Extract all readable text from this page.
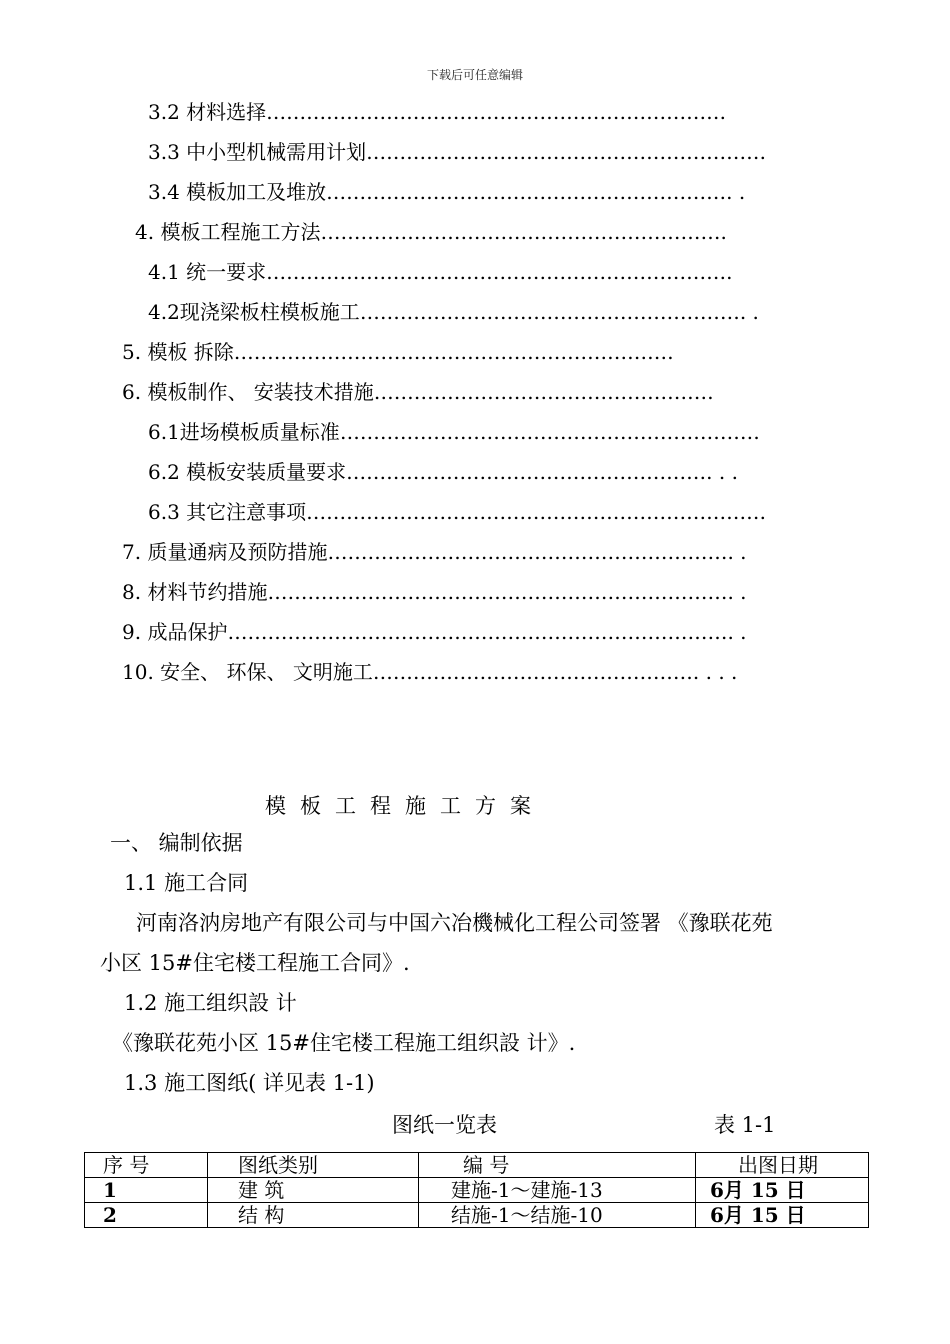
下载后可任意编辑
3.2 材料选择……………………………………………………………
3.3 中小型机械需用计划……………………………………………………
3.4 模板加工及堆放……………………………………………………. .
4. 模板工程施工方法…………………………………………………….
4.1 统一要求…………………………………………………………….
4.2现浇梁板柱模板施工…………………………………………………. .
5. 模板 拆除…………………………………………………………
6. 模板制作、 安装技术措施……………………………………………
6.1进场模板质量标准………………………………………………………
6.2 模板安装质量要求………………………………………………. . .
6.3 其它注意事项……………………………………………………………
7. 质量通病及预防措施……………………………………………………. .
8. 材料节约措施……………………………………………………………. .
9. 成品保护…………………………………………………………………. .
10. 安全、 环保、 文明施工…………………………………………. . . .
模板工程施工方案
一、 编制依据
1.1 施工合同
河南洛汭房地产有限公司与中国六冶機械化工程公司签署 《豫联花苑
小区 15#住宅楼工程施工合同》.
1.2 施工组织設 计
《豫联花苑小区 15#住宅楼工程施工组织設 计》.
1.3 施工图纸( 详见表 1-1)
图纸一览表	表 1-1
序 号	图纸类别	编 号	出图日期
1	建 筑	建施-1～建施-13	6月 15 日
2	结 构	结施-1～结施-10	6月 15 日
